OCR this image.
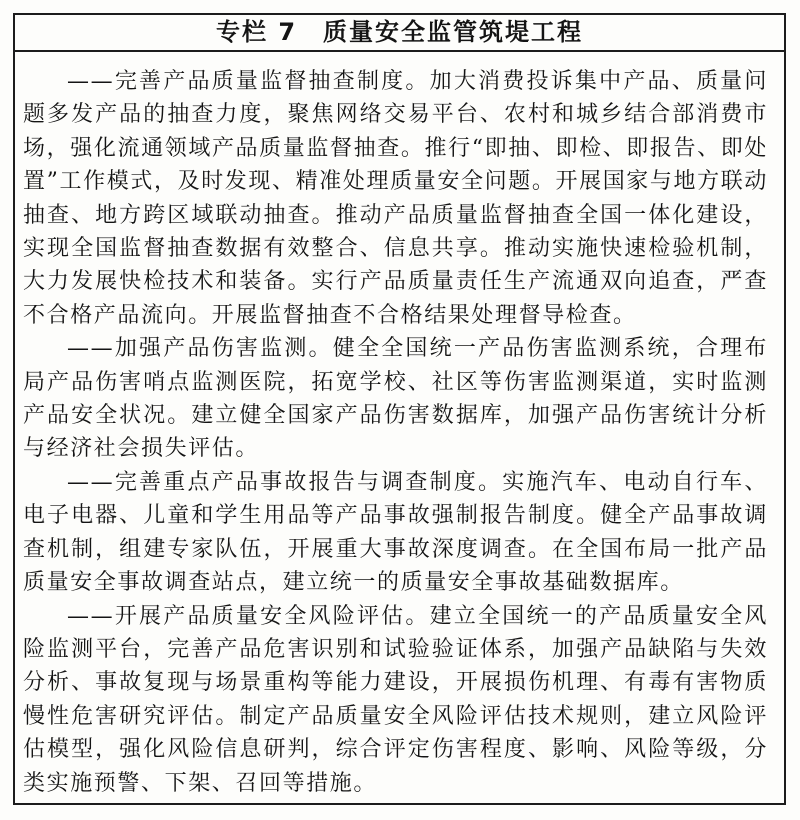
专栏 7　质量安全监管筑堤工程

——完善产品质量监督抽查制度。加大消费投诉集中产品、质量问题多发产品的抽查力度，聚焦网络交易平台、农村和城乡结合部消费市场，强化流通领域产品质量监督抽查。推行“即抽、即检、即报告、即处置”工作模式，及时发现、精准处理质量安全问题。开展国家与地方联动抽查、地方跨区域联动抽查。推动产品质量监督抽查全国一体化建设，实现全国监督抽查数据有效整合、信息共享。推动实施快速检验机制，大力发展快检技术和装备。实行产品质量责任生产流通双向追查，严查不合格产品流向。开展监督抽查不合格结果处理督导检查。

——加强产品伤害监测。健全全国统一产品伤害监测系统，合理布局产品伤害哨点监测医院，拓宽学校、社区等伤害监测渠道，实时监测产品安全状况。建立健全国家产品伤害数据库，加强产品伤害统计分析与经济社会损失评估。

——完善重点产品事故报告与调查制度。实施汽车、电动自行车、电子电器、儿童和学生用品等产品事故强制报告制度。健全产品事故调查机制，组建专家队伍，开展重大事故深度调查。在全国布局一批产品质量安全事故调查站点，建立统一的质量安全事故基础数据库。

——开展产品质量安全风险评估。建立全国统一的产品质量安全风险监测平台，完善产品危害识别和试验验证体系，加强产品缺陷与失效分析、事故复现与场景重构等能力建设，开展损伤机理、有毒有害物质慢性危害研究评估。制定产品质量安全风险评估技术规则，建立风险评估模型，强化风险信息研判，综合评定伤害程度、影响、风险等级，分类实施预警、下架、召回等措施。
